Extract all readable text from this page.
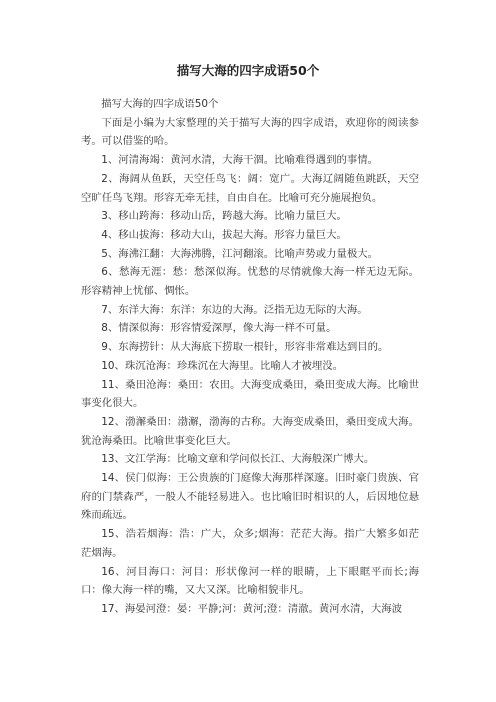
描写大海的四字成语50个

描写大海的四字成语50个

下面是小编为大家整理的关于描写大海的四字成语，欢迎你的阅读参考。可以借鉴的哈。

1、河清海竭：黄河水清，大海干涸。比喻难得遇到的事情。

2、海阔从鱼跃，天空任鸟飞：阔：宽广。大海辽阔随鱼跳跃，天空空旷任鸟飞翔。形容无牵无挂，自由自在。比喻可充分施展抱负。

3、移山跨海：移动山岳，跨越大海。比喻力量巨大。

4、移山拔海：移动大山，拔起大海。形容力量巨大。

5、海沸江翻：大海沸腾，江河翻滚。比喻声势或力量极大。

6、愁海无涯：愁：愁深似海。忧愁的尽情就像大海一样无边无际。形容精神上忧郁、惆怅。

7、东洋大海：东洋：东边的大海。泛指无边无际的大海。

8、情深似海：形容情爱深厚，像大海一样不可量。

9、东海捞针：从大海底下捞取一根针，形容非常难达到目的。

10、珠沉沧海：珍珠沉在大海里。比喻人才被埋没。

11、桑田沧海：桑田：农田。大海变成桑田，桑田变成大海。比喻世事变化很大。

12、渤澥桑田：渤澥，渤海的古称。大海变成桑田，桑田变成大海。犹沧海桑田。比喻世事变化巨大。

13、文江学海：比喻文章和学问似长江、大海般深广博大。

14、侯门似海：王公贵族的门庭像大海那样深邃。旧时豪门贵族、官府的门禁森严，一般人不能轻易进入。也比喻旧时相识的人，后因地位悬殊而疏远。

15、浩若烟海：浩：广大，众多;烟海：茫茫大海。指广大繁多如茫茫烟海。

16、河目海口：河目：形状像河一样的眼睛，上下眼眶平而长;海口：像大海一样的嘴，又大又深。比喻相貌非凡。

17、海晏河澄：晏：平静;河：黄河;澄：清澈。黄河水清，大海波
